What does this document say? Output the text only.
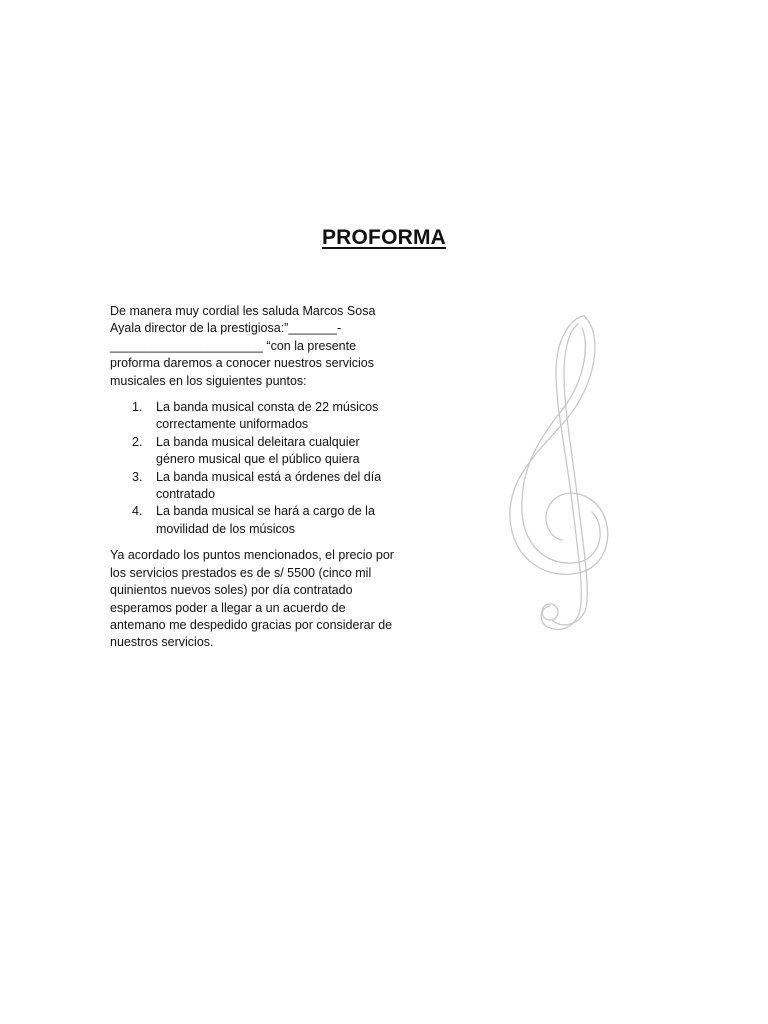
PROFORMA

De manera muy cordial les saluda Marcos Sosa
Ayala director de la prestigiosa:”_______-
______________________ “con la presente
proforma daremos a conocer nuestros servicios
musicales en los siguientes puntos:

La banda musical consta de 22 músicos
correctamente uniformados
La banda musical deleitara cualquier
género musical que el público quiera
La banda musical está a órdenes del día
contratado
La banda musical se hará a cargo de la
movilidad de los músicos

Ya acordado los puntos mencionados, el precio por
los servicios prestados es de s/ 5500 (cinco mil
quinientos nuevos soles) por día contratado
esperamos poder a llegar a un acuerdo de
antemano me despedido gracias por considerar de
nuestros servicios.
